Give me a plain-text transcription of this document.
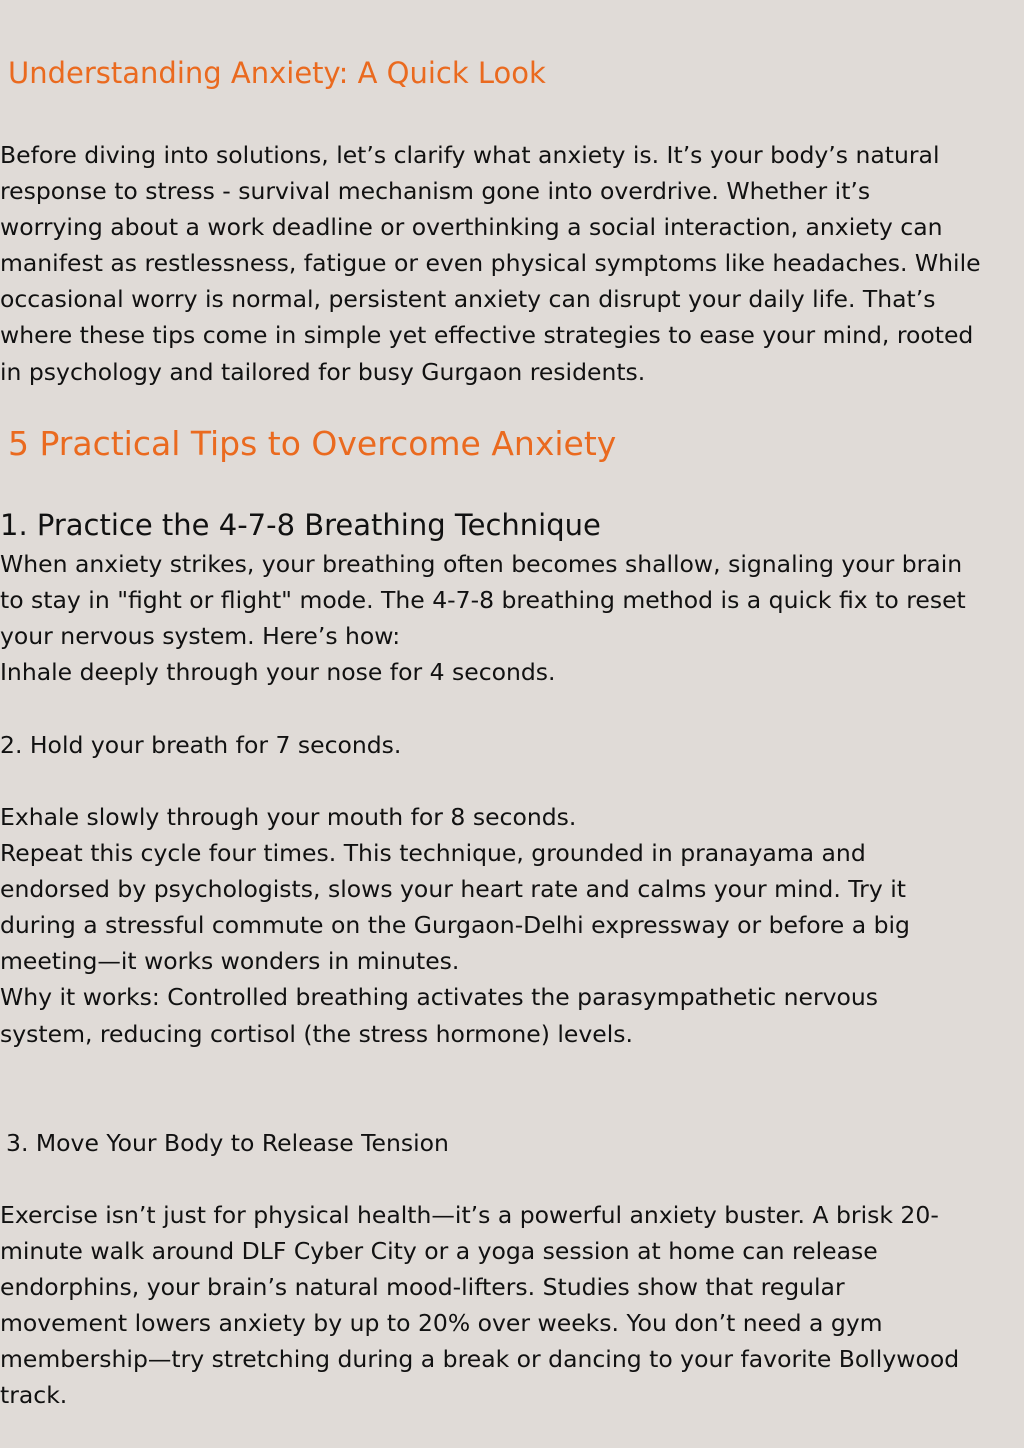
Understanding Anxiety: A Quick Look
Before diving into solutions, let’s clarify what anxiety is. It’s your body’s natural
response to stress - survival mechanism gone into overdrive. Whether it’s
worrying about a work deadline or overthinking a social interaction, anxiety can
manifest as restlessness, fatigue or even physical symptoms like headaches. While
occasional worry is normal, persistent anxiety can disrupt your daily life. That’s
where these tips come in simple yet effective strategies to ease your mind, rooted
in psychology and tailored for busy Gurgaon residents.
5 Practical Tips to Overcome Anxiety
1. Practice the 4-7-8 Breathing Technique
When anxiety strikes, your breathing often becomes shallow, signaling your brain
to stay in "fight or flight" mode. The 4-7-8 breathing method is a quick fix to reset
your nervous system. Here’s how:
Inhale deeply through your nose for 4 seconds.
2. Hold your breath for 7 seconds.
Exhale slowly through your mouth for 8 seconds.
Repeat this cycle four times. This technique, grounded in pranayama and
endorsed by psychologists, slows your heart rate and calms your mind. Try it
during a stressful commute on the Gurgaon-Delhi expressway or before a big
meeting—it works wonders in minutes.
Why it works: Controlled breathing activates the parasympathetic nervous
system, reducing cortisol (the stress hormone) levels.
3. Move Your Body to Release Tension
Exercise isn’t just for physical health—it’s a powerful anxiety buster. A brisk 20-
minute walk around DLF Cyber City or a yoga session at home can release
endorphins, your brain’s natural mood-lifters. Studies show that regular
movement lowers anxiety by up to 20% over weeks. You don’t need a gym
membership—try stretching during a break or dancing to your favorite Bollywood
track.
